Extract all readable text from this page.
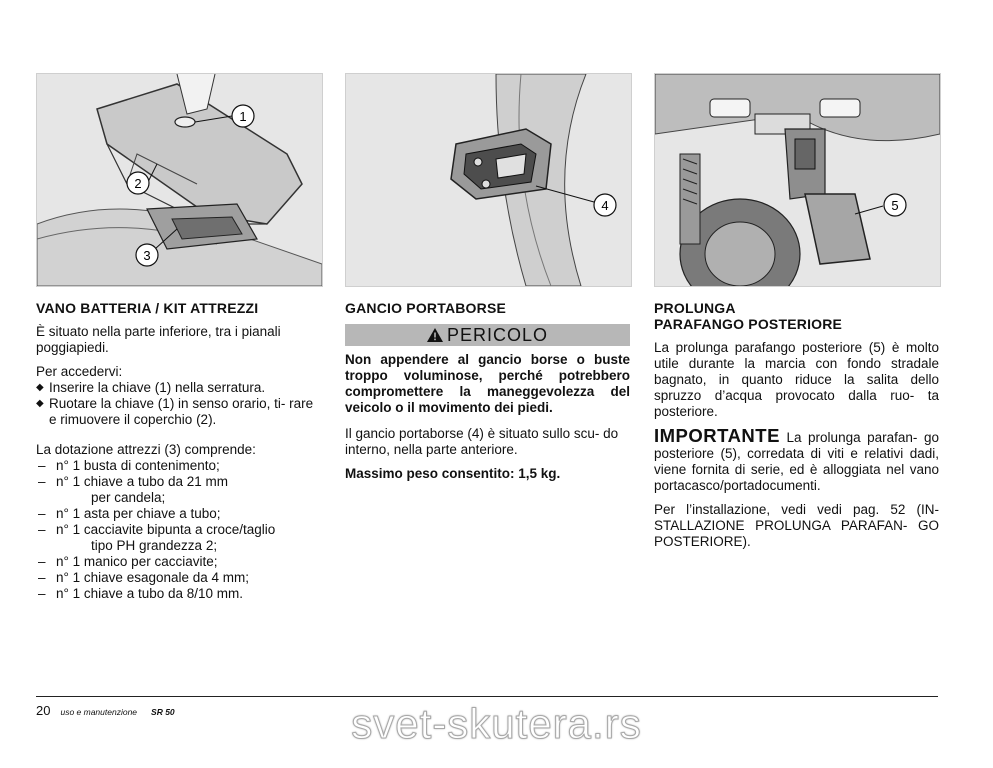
1
2
3
4	5
VANO BATTERIA / KIT ATTREZZI

È situato nella parte inferiore, tra i pianali poggiapiedi.

Per accedervi:

◆ Inserire la chiave (1) nella serratura.
◆ Ruotare la chiave (1) in senso orario, ti- rare e rimuovere il coperchio (2).

La dotazione attrezzi (3) comprende:

– n° 1 busta di contenimento;
– n° 1 chiave a tubo da 21 mm
per candela;
– n° 1 asta per chiave a tubo;
– n° 1 cacciavite bipunta a croce/taglio
tipo PH grandezza 2;
– n° 1 manico per cacciavite;
– n° 1 chiave esagonale da 4 mm;
– n° 1 chiave a tubo da 8/10 mm.
GANCIO PORTABORSE
PERICOLO

Non appendere al gancio borse o buste troppo voluminose, perché potrebbero compromettere la maneggevolezza del veicolo o il movimento dei piedi.

Il gancio portaborse (4) è situato sullo scu- do interno, nella parte anteriore.

Massimo peso consentito: 1,5 kg.

PROLUNGA
PARAFANGO POSTERIORE

La prolunga parafango posteriore (5) è molto utile durante la marcia con fondo stradale bagnato, in quanto riduce la salita dello spruzzo d’acqua provocato dalla ruo- ta posteriore.

IMPORTANTE La prolunga parafan- go posteriore (5), corredata di viti e relativi dadi, viene fornita di serie, ed è alloggiata nel vano portacasco/portadocumenti.

Per l’installazione, vedi vedi pag. 52 (IN- STALLAZIONE PROLUNGA PARAFAN- GO POSTERIORE).

20 uso e manutenzione SR 50	svet-skutera.rs
